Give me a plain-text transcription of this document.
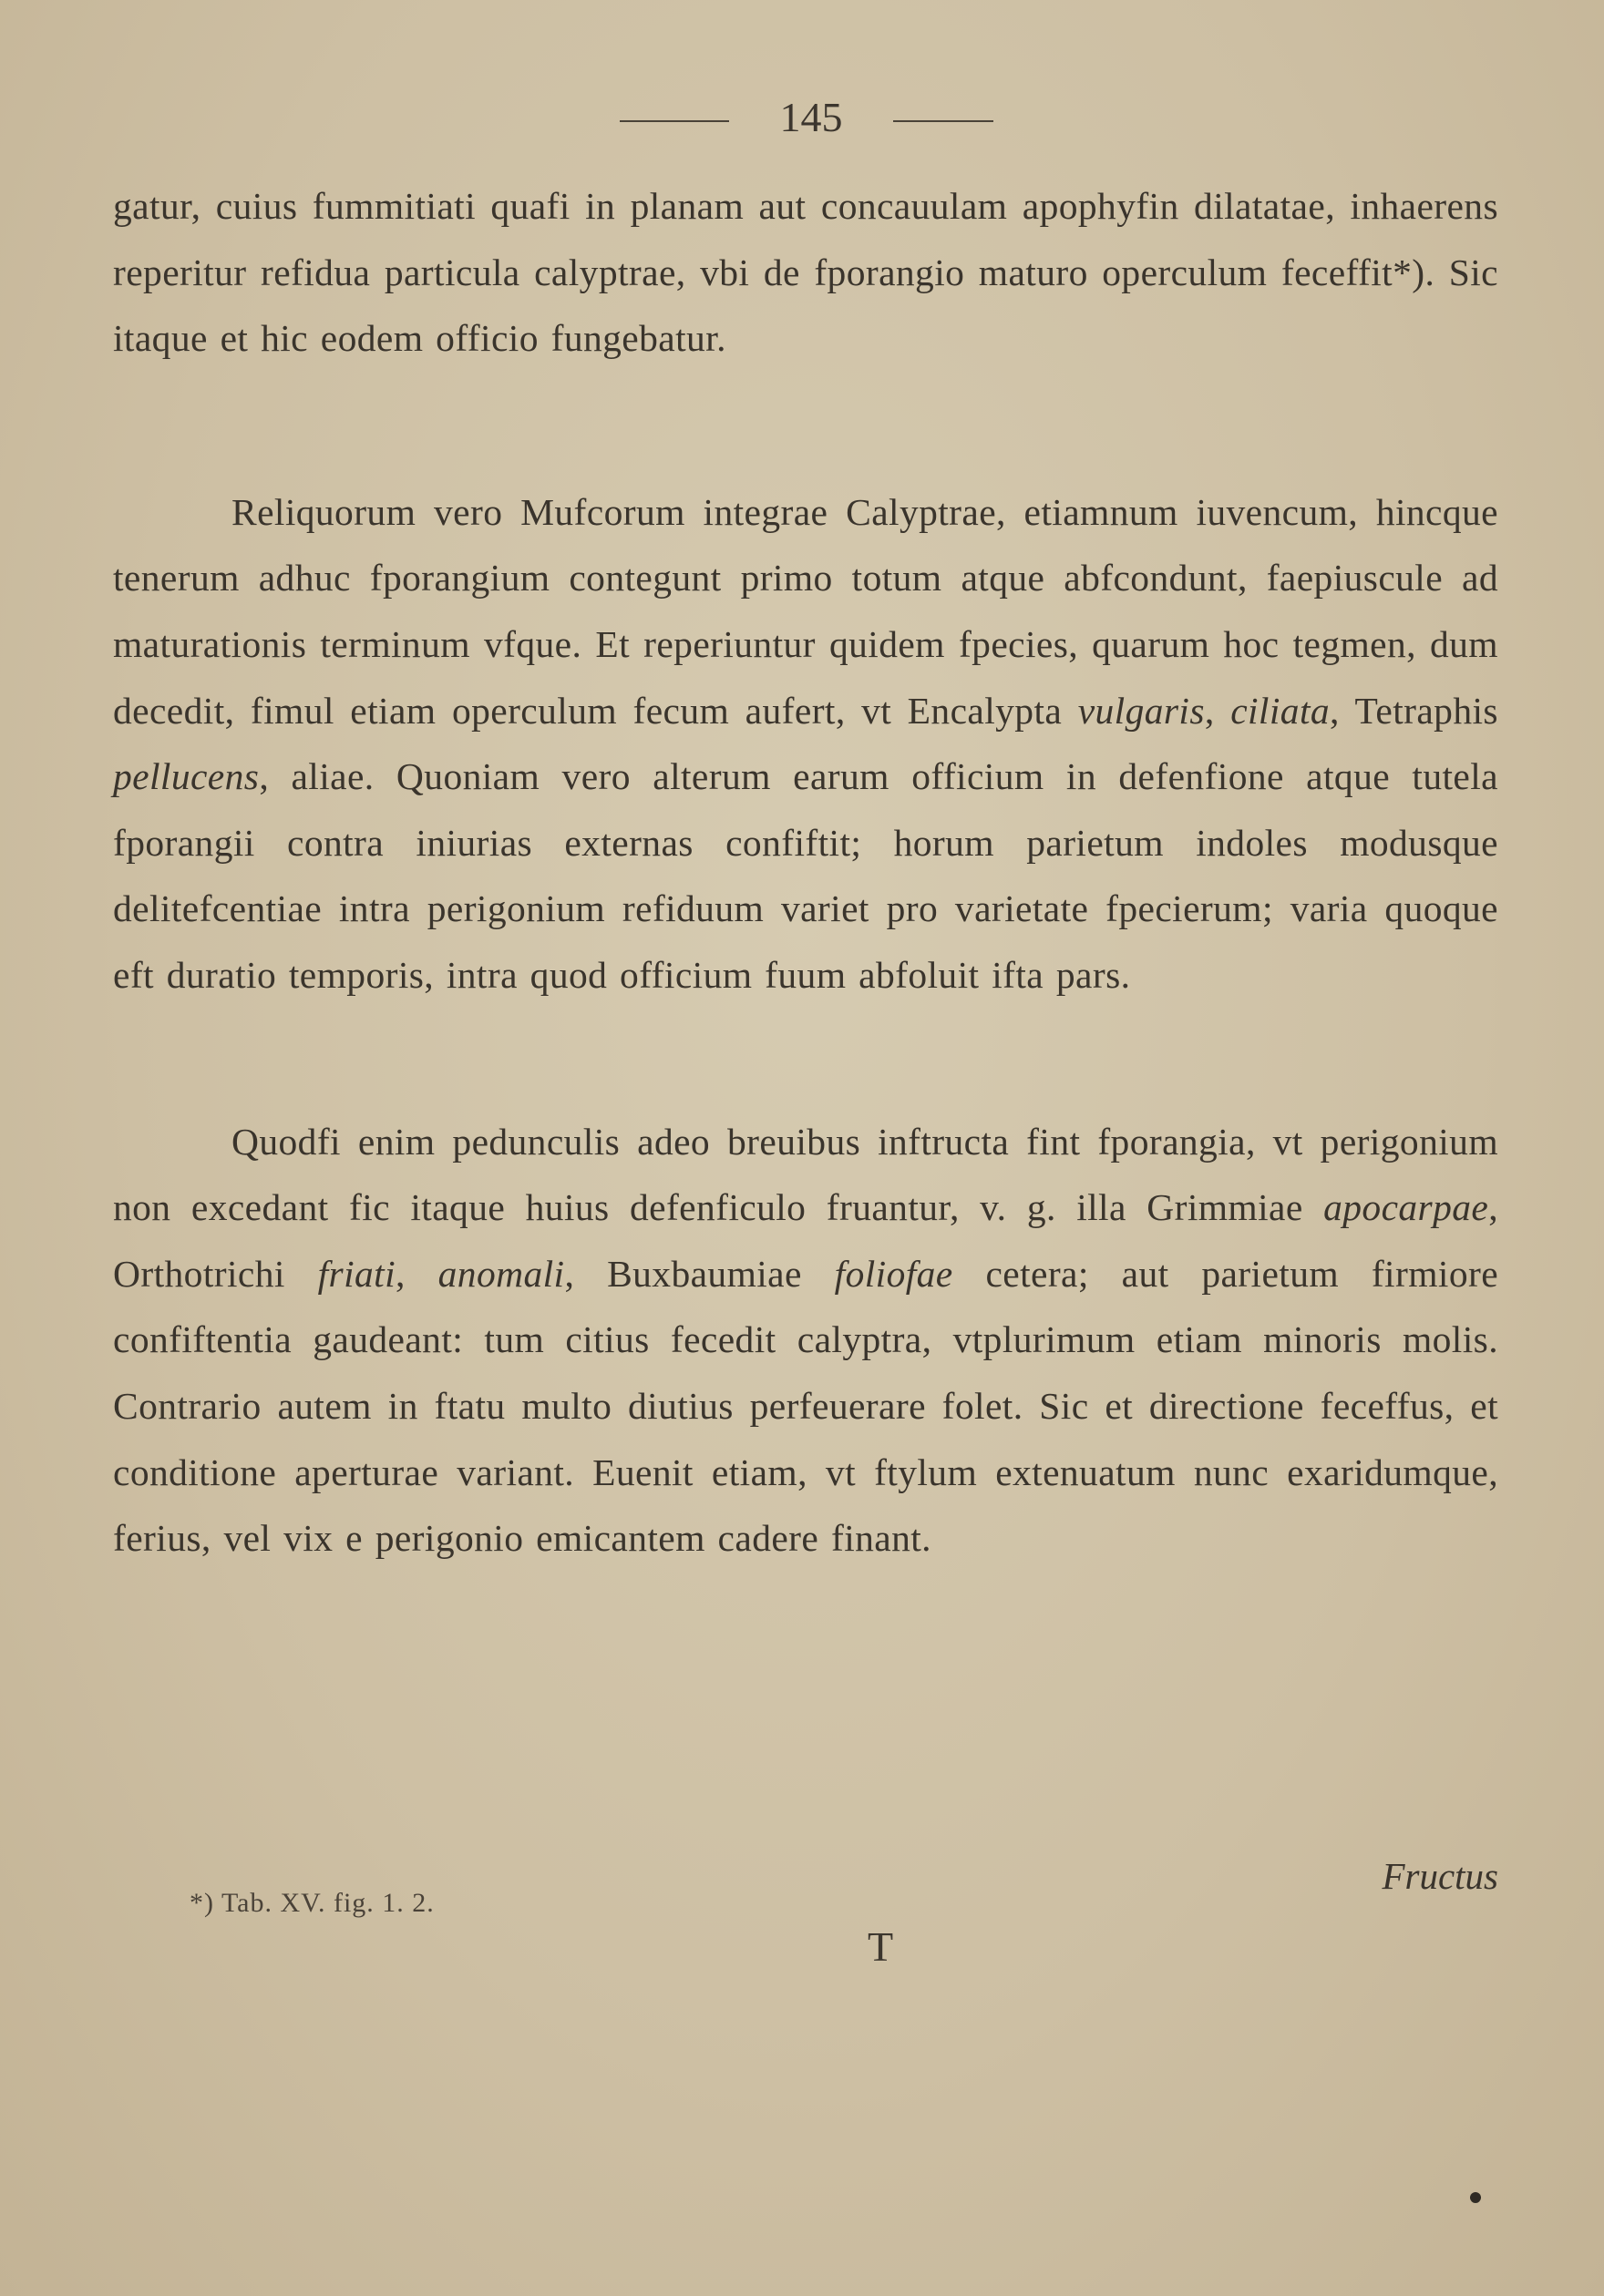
145

gatur, cuius fummitiati quafi in planam aut concauulam apophyfin dilatatae, inhaerens reperitur refidua particula calyptrae, vbi de fporangio maturo operculum feceffit*). Sic itaque et hic eodem officio fungebatur.

Reliquorum vero Mufcorum integrae Calyptrae, etiamnum iuvencum, hincque tenerum adhuc fporangium contegunt primo totum atque abfcondunt, faepiuscule ad maturationis terminum vfque. Et reperiuntur quidem fpecies, quarum hoc tegmen, dum decedit, fimul etiam operculum fecum aufert, vt Encalypta vulgaris, ciliata, Tetraphis pellucens, aliae. Quoniam vero alterum earum officium in defenfione atque tutela fporangii contra iniurias externas confiftit; horum parietum indoles modusque delitefcentiae intra perigonium refiduum variet pro varietate fpecierum; varia quoque eft duratio temporis, intra quod officium fuum abfoluit ifta pars.

Quodfi enim pedunculis adeo breuibus inftructa fint fporangia, vt perigonium non excedant fic itaque huius defenficulo fruantur, v. g. illa Grimmiae apocarpae, Orthotrichi friati, anomali, Buxbaumiae foliofae cetera; aut parietum firmiore confiftentia gaudeant: tum citius fecedit calyptra, vtplurimum etiam minoris molis. Contrario autem in ftatu multo diutius perfeuerare folet. Sic et directione feceffus, et conditione aperturae variant. Euenit etiam, vt ftylum extenuatum nunc exaridumque, ferius, vel vix e perigonio emicantem cadere finant.

Fructus
*) Tab. XV. fig. 1. 2.
T
